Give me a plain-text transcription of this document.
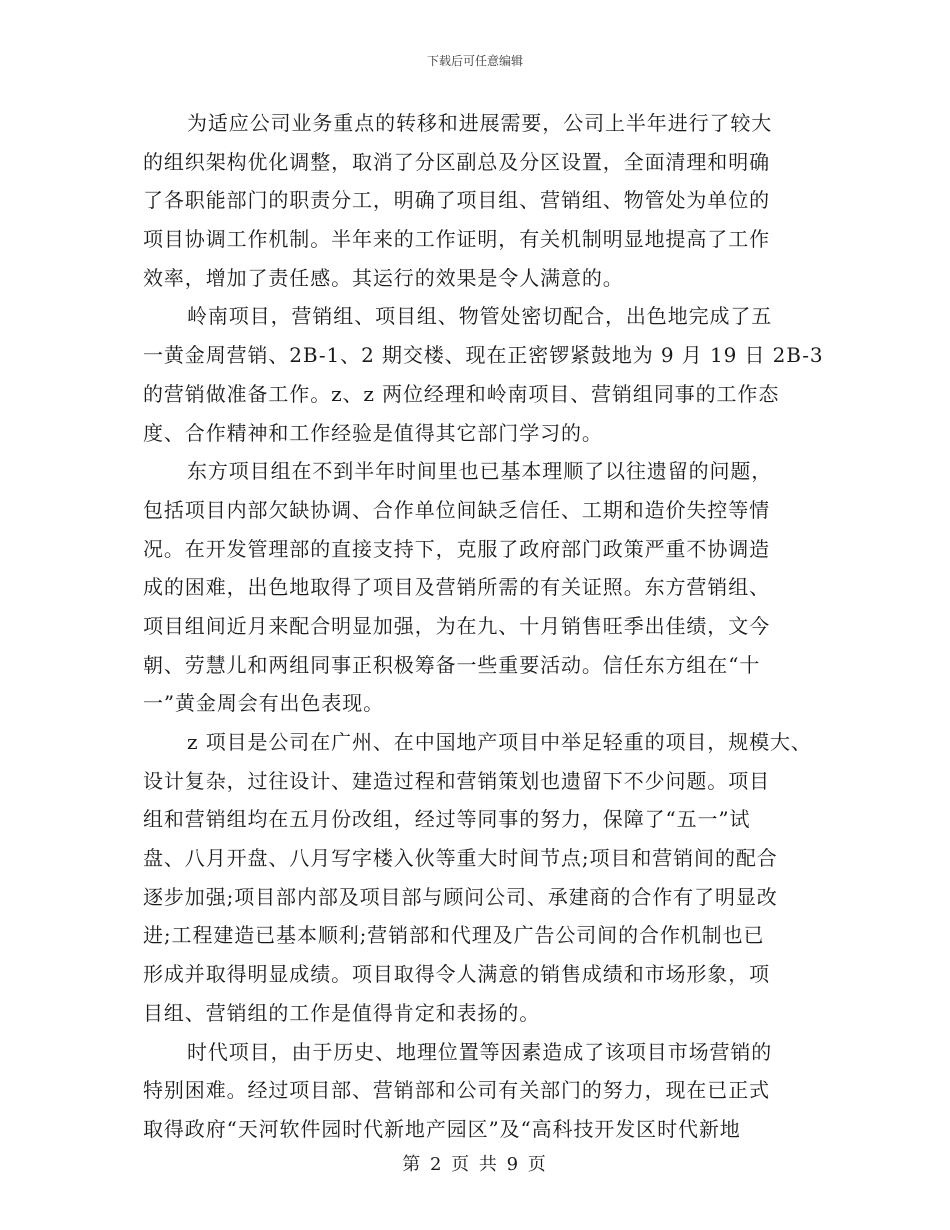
下载后可任意编辑
为适应公司业务重点的转移和进展需要，公司上半年进行了较大
的组织架构优化调整，取消了分区副总及分区设置，全面清理和明确
了各职能部门的职责分工，明确了项目组、营销组、物管处为单位的
项目协调工作机制。半年来的工作证明，有关机制明显地提高了工作
效率，增加了责任感。其运行的效果是令人满意的。
岭南项目，营销组、项目组、物管处密切配合，出色地完成了五
一黄金周营销、2B-1、2 期交楼、现在正密锣紧鼓地为 9 月 19 日 2B-3
的营销做准备工作。z、z 两位经理和岭南项目、营销组同事的工作态
度、合作精神和工作经验是值得其它部门学习的。
东方项目组在不到半年时间里也已基本理顺了以往遗留的问题，
包括项目内部欠缺协调、合作单位间缺乏信任、工期和造价失控等情
况。在开发管理部的直接支持下，克服了政府部门政策严重不协调造
成的困难，出色地取得了项目及营销所需的有关证照。东方营销组、
项目组间近月来配合明显加强，为在九、十月销售旺季出佳绩，文今
朝、劳慧儿和两组同事正积极筹备一些重要活动。信任东方组在“十
一”黄金周会有出色表现。
z 项目是公司在广州、在中国地产项目中举足轻重的项目，规模大、
设计复杂，过往设计、建造过程和营销策划也遗留下不少问题。项目
组和营销组均在五月份改组，经过等同事的努力，保障了“五一”试
盘、八月开盘、八月写字楼入伙等重大时间节点;项目和营销间的配合
逐步加强;项目部内部及项目部与顾问公司、承建商的合作有了明显改
进;工程建造已基本顺利;营销部和代理及广告公司间的合作机制也已
形成并取得明显成绩。项目取得令人满意的销售成绩和市场形象，项
目组、营销组的工作是值得肯定和表扬的。
时代项目，由于历史、地理位置等因素造成了该项目市场营销的
特别困难。经过项目部、营销部和公司有关部门的努力，现在已正式
取得政府“天河软件园时代新地产园区”及“高科技开发区时代新地
第 2 页 共 9 页
